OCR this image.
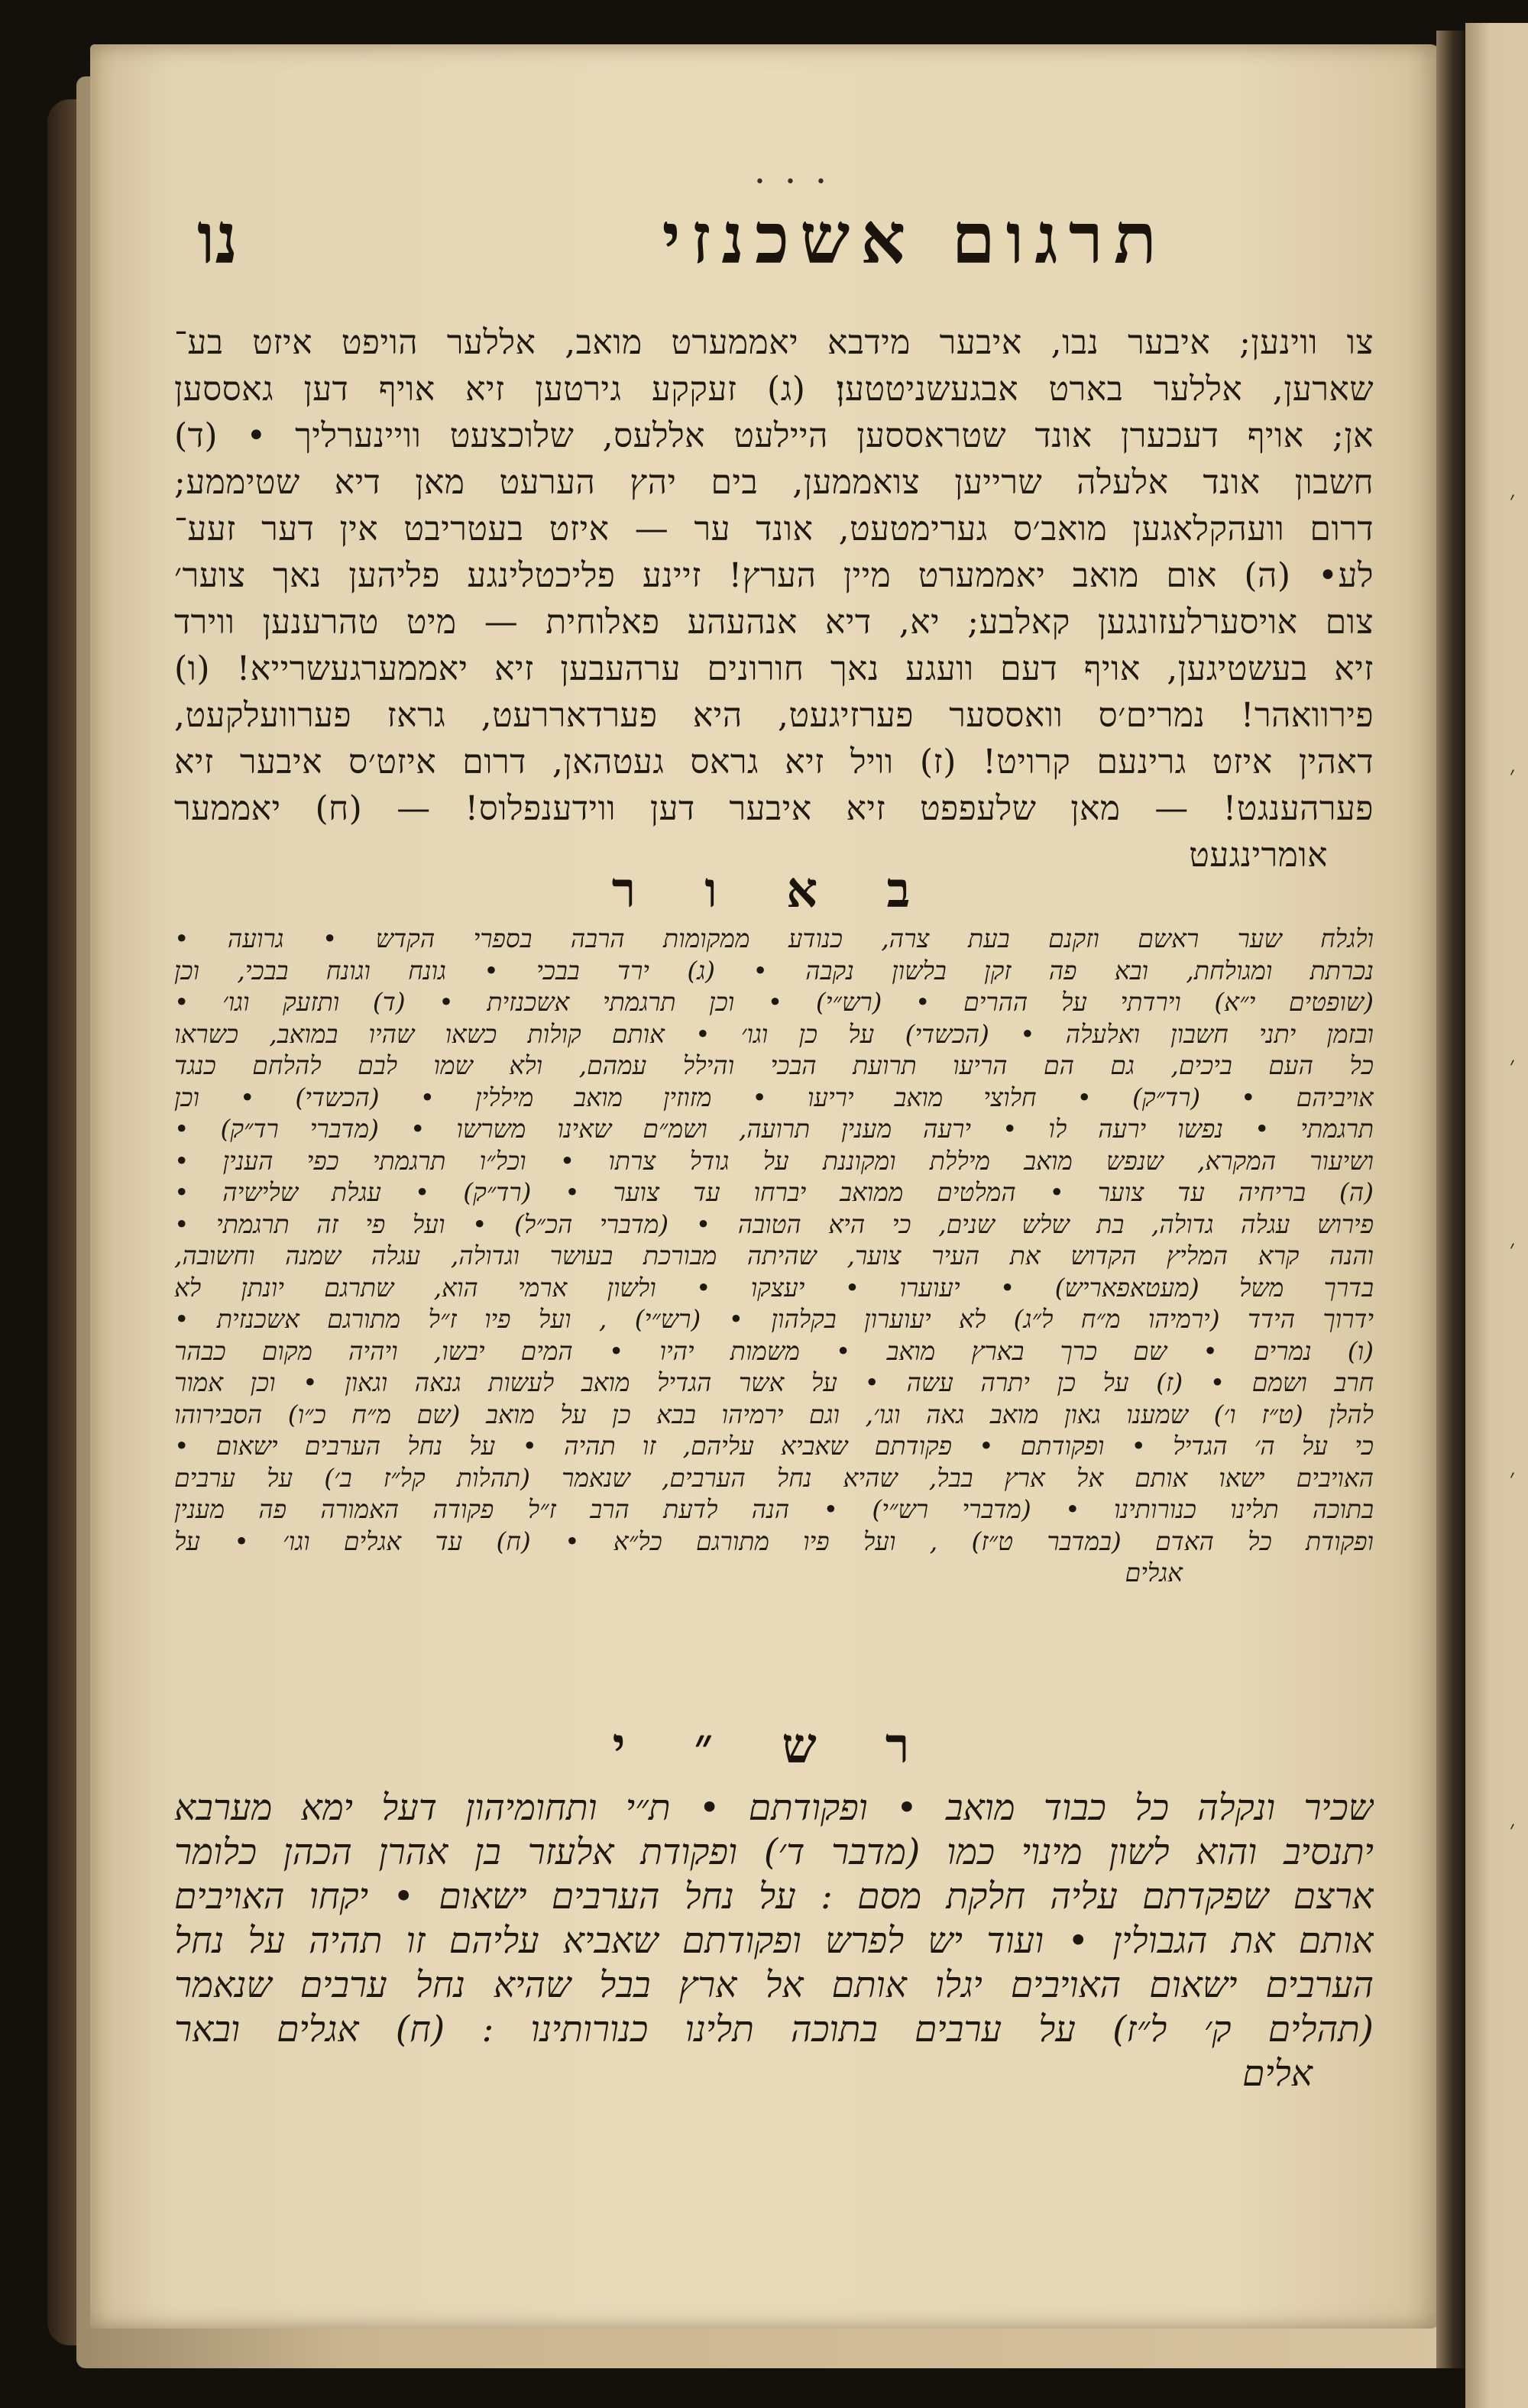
• • •
תרגום אשכנזי
נו
צו ווינען; איבער נבו, איבער מידבא יאממערט מואב, אללער הויפט איזט בע־
שארען, אללער בארט אבגעשניטטען׃ (ג) זעקקע גירטען זיא אויף דען גאססען
אן; אויף דעכערן אונד שטראססען היילעט אללעס, שלוכצעט וויינערליך • (ד)
חשבון אונד אלעלה שרייען צואממען, בים יהץ הערעט מאן דיא שטיממע;
דרום וועהקלאגען מואב׳ס גערימטעט, אונד ער — איזט בעטריבט אין דער זעע־
לע• (ה) אום מואב יאממערט מיין הערץ! זיינע פליכטלינגע פליהען נאך צוער׳
צום אויסערלעזונגען קאלבע; יא, דיא אנהעהע פאלוחית — מיט טהרענען ווירד
זיא בעשטיגען, אויף דעם וועגע נאך חורונים ערהעבען זיא יאממערגעשרייא! (ו)
פירוואהר! נמרים׳ס וואססער פערזיגעט, היא פערדאררעט, גראז פערוועלקעט,
דאהין איזט גרינעם קרויט! (ז) וויל זיא גראס געטהאן, דרום איזט׳ס איבער זיא
פערהענגט! — מאן שלעפפט זיא איבער דען ווידענפלוס! — (ח) יאממער
אומרינגעט
ב א ו ר
ולגלח שער ראשם וזקנם בעת צרה, כנודע ממקומות הרבה בספרי הקדש • גרועה •
נכרתת ומגולחת, ובא פה זקן בלשון נקבה • (ג) ירד בבכי • גונח וגונח בבכי, וכן
(שופטים י״א) וירדתי על ההרים • (רש״י) • וכן תרגמתי אשכנזית • (ד) ותזעק וגו׳ •
ובזמן יתני חשבון ואלעלה • (הכשדי) על כן וגו׳ • אותם קולות כשאו שהיו במואב, כשראו
כל העם ביכים, גם הם הריעו תרועת הבכי והילל עמהם, ולא שמו לבם להלחם כנגד
אויביהם • (רד״ק) • חלוצי מואב יריעו • מזוזין מואב מיללין • (הכשדי) • וכן
תרגמתי • נפשו ירעה לו • ירעה מענין תרועה, ושמ״ם שאינו משרשו • (מדברי רד״ק) •
ושיעור המקרא, שנפש מואב מיללת ומקוננת על גודל צרתו • וכל״ו תרגמתי כפי הענין •
(ה) בריחיה עד צוער • המלטים ממואב יברחו עד צוער • (רד״ק) • עגלת שלישיה •
פירוש עגלה גדולה, בת שלש שנים, כי היא הטובה • (מדברי הכ״ל) • ועל פי זה תרגמתי •
והנה קרא המליץ הקדוש את העיר צוער, שהיתה מבורכת בעושר וגדולה, עגלה שמנה וחשובה,
בדרך משל (מעטאפאריש) • יעוערו • יעצקו • ולשון ארמי הוא, שתרגם יונתן לא
ידרוך הידד (ירמיהו מ״ח ל״ג) לא יעוערון בקלהון • (רש״י) , ועל פיו ז״ל מתורגם אשכנזית •
(ו) נמרים • שם כרך בארץ מואב • משמות יהיו • המים יבשו, ויהיה מקום כבהר
חרב ושמם • (ז) על כן יתרה עשה • על אשר הגדיל מואב לעשות גנאה וגאון • וכן אמור
להלן (ט״ז ו׳) שמענו גאון מואב גאה וגו׳, וגם ירמיהו בבא כן על מואב (שם מ״ח כ״ו) הסבירוהו
כי על ה׳ הגדיל • ופקודתם • פקודתם שאביא עליהם, זו תהיה • על נחל הערבים ישאום •
האויבים ישאו אותם אל ארץ בבל, שהיא נחל הערבים, שנאמר (תהלות קל״ז ב׳) על ערבים
בתוכה תלינו כנורותינו • (מדברי רש״י) • הנה לדעת הרב ז״ל פקודה האמורה פה מענין
ופקודת כל האדם (במדבר ט״ז) , ועל פיו מתורגם כל״א • (ח) עד אגלים וגו׳ • על
אגלים
ר ש ״ י
שכיר ונקלה כל כבוד מואב • ופקודתם • ת״י ותחומיהון דעל ימא מערבא
יתנסיב והוא לשון מינוי כמו (מדבר ד׳) ופקודת אלעזר בן אהרן הכהן כלומר
ארצם שפקדתם עליה חלקת מסם : על נחל הערבים ישאום • יקחו האויבים
אותם את הגבולין • ועוד יש לפרש ופקודתם שאביא עליהם זו תהיה על נחל
הערבים ישאום האויבים יגלו אותם אל ארץ בבל שהיא נחל ערבים שנאמר
(תהלים ק׳ ל״ז) על ערבים בתוכה תלינו כנורותינו : (ח) אגלים ובאר
אלים
׳
׳
׳
׳
׳
׳
